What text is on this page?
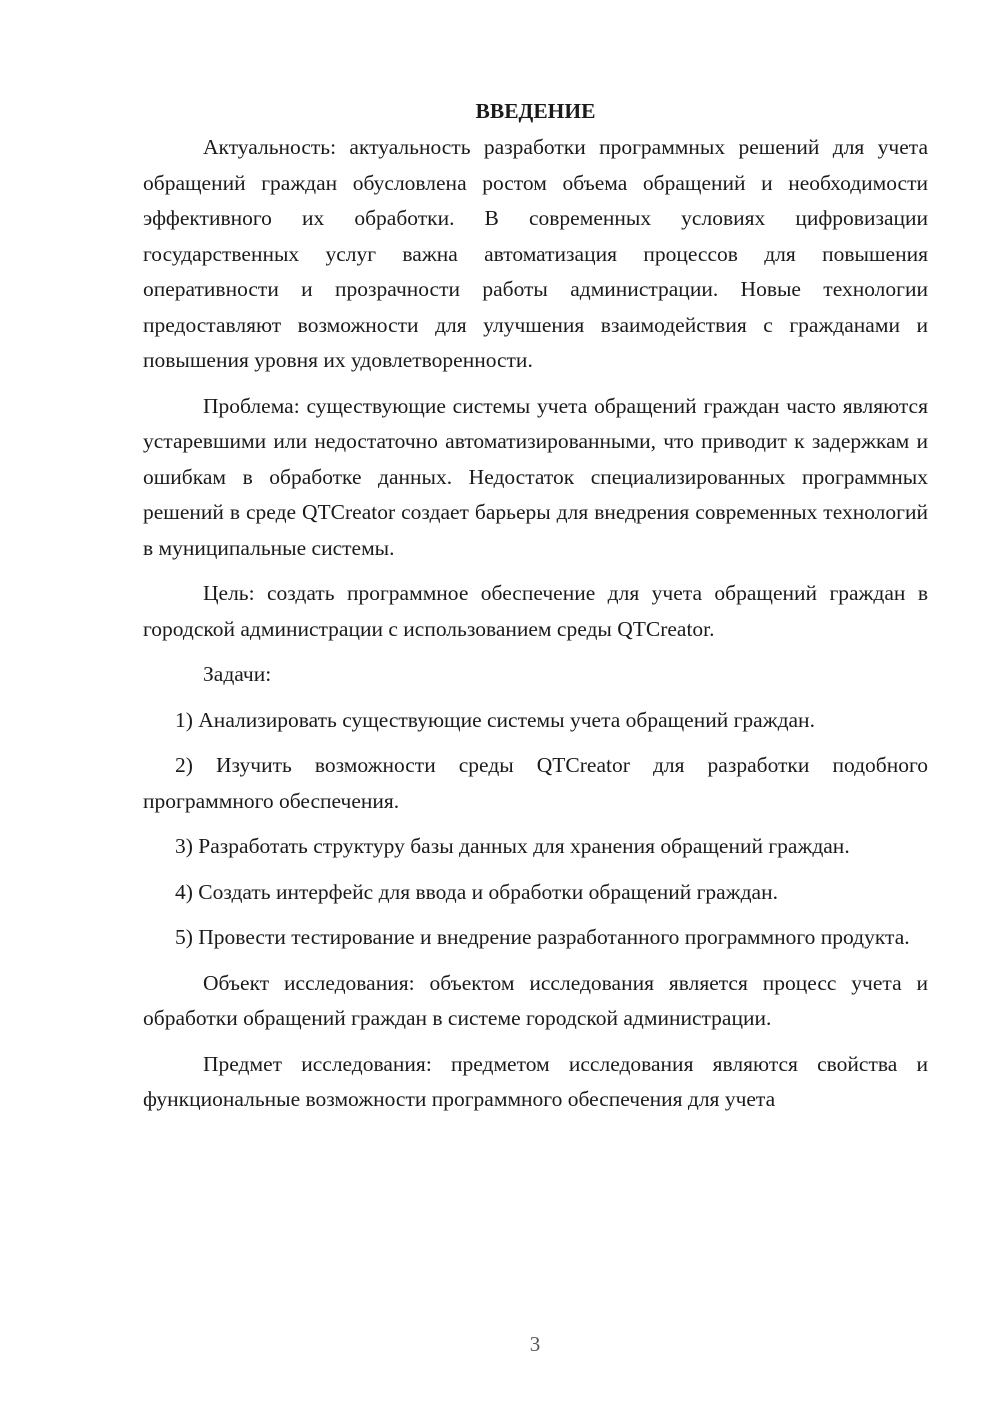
ВВЕДЕНИЕ

Актуальность: актуальность разработки программных решений для учета обращений граждан обусловлена ростом объема обращений и необходимости эффективного их обработки. В современных условиях цифровизации государственных услуг важна автоматизация процессов для повышения оперативности и прозрачности работы администрации. Новые технологии предоставляют возможности для улучшения взаимодействия с гражданами и повышения уровня их удовлетворенности.

Проблема: существующие системы учета обращений граждан часто являются устаревшими или недостаточно автоматизированными, что приводит к задержкам и ошибкам в обработке данных. Недостаток специализированных программных решений в среде QTCreator создает барьеры для внедрения современных технологий в муниципальные системы.

Цель: создать программное обеспечение для учета обращений граждан в городской администрации с использованием среды QTCreator.

Задачи:

1) Анализировать существующие системы учета обращений граждан.

2) Изучить возможности среды QTCreator для разработки подобного программного обеспечения.

3) Разработать структуру базы данных для хранения обращений граждан.

4) Создать интерфейс для ввода и обработки обращений граждан.

5) Провести тестирование и внедрение разработанного программного продукта.

Объект исследования: объектом исследования является процесс учета и обработки обращений граждан в системе городской администрации.

Предмет исследования: предметом исследования являются свойства и функциональные возможности программного обеспечения для учета

3
